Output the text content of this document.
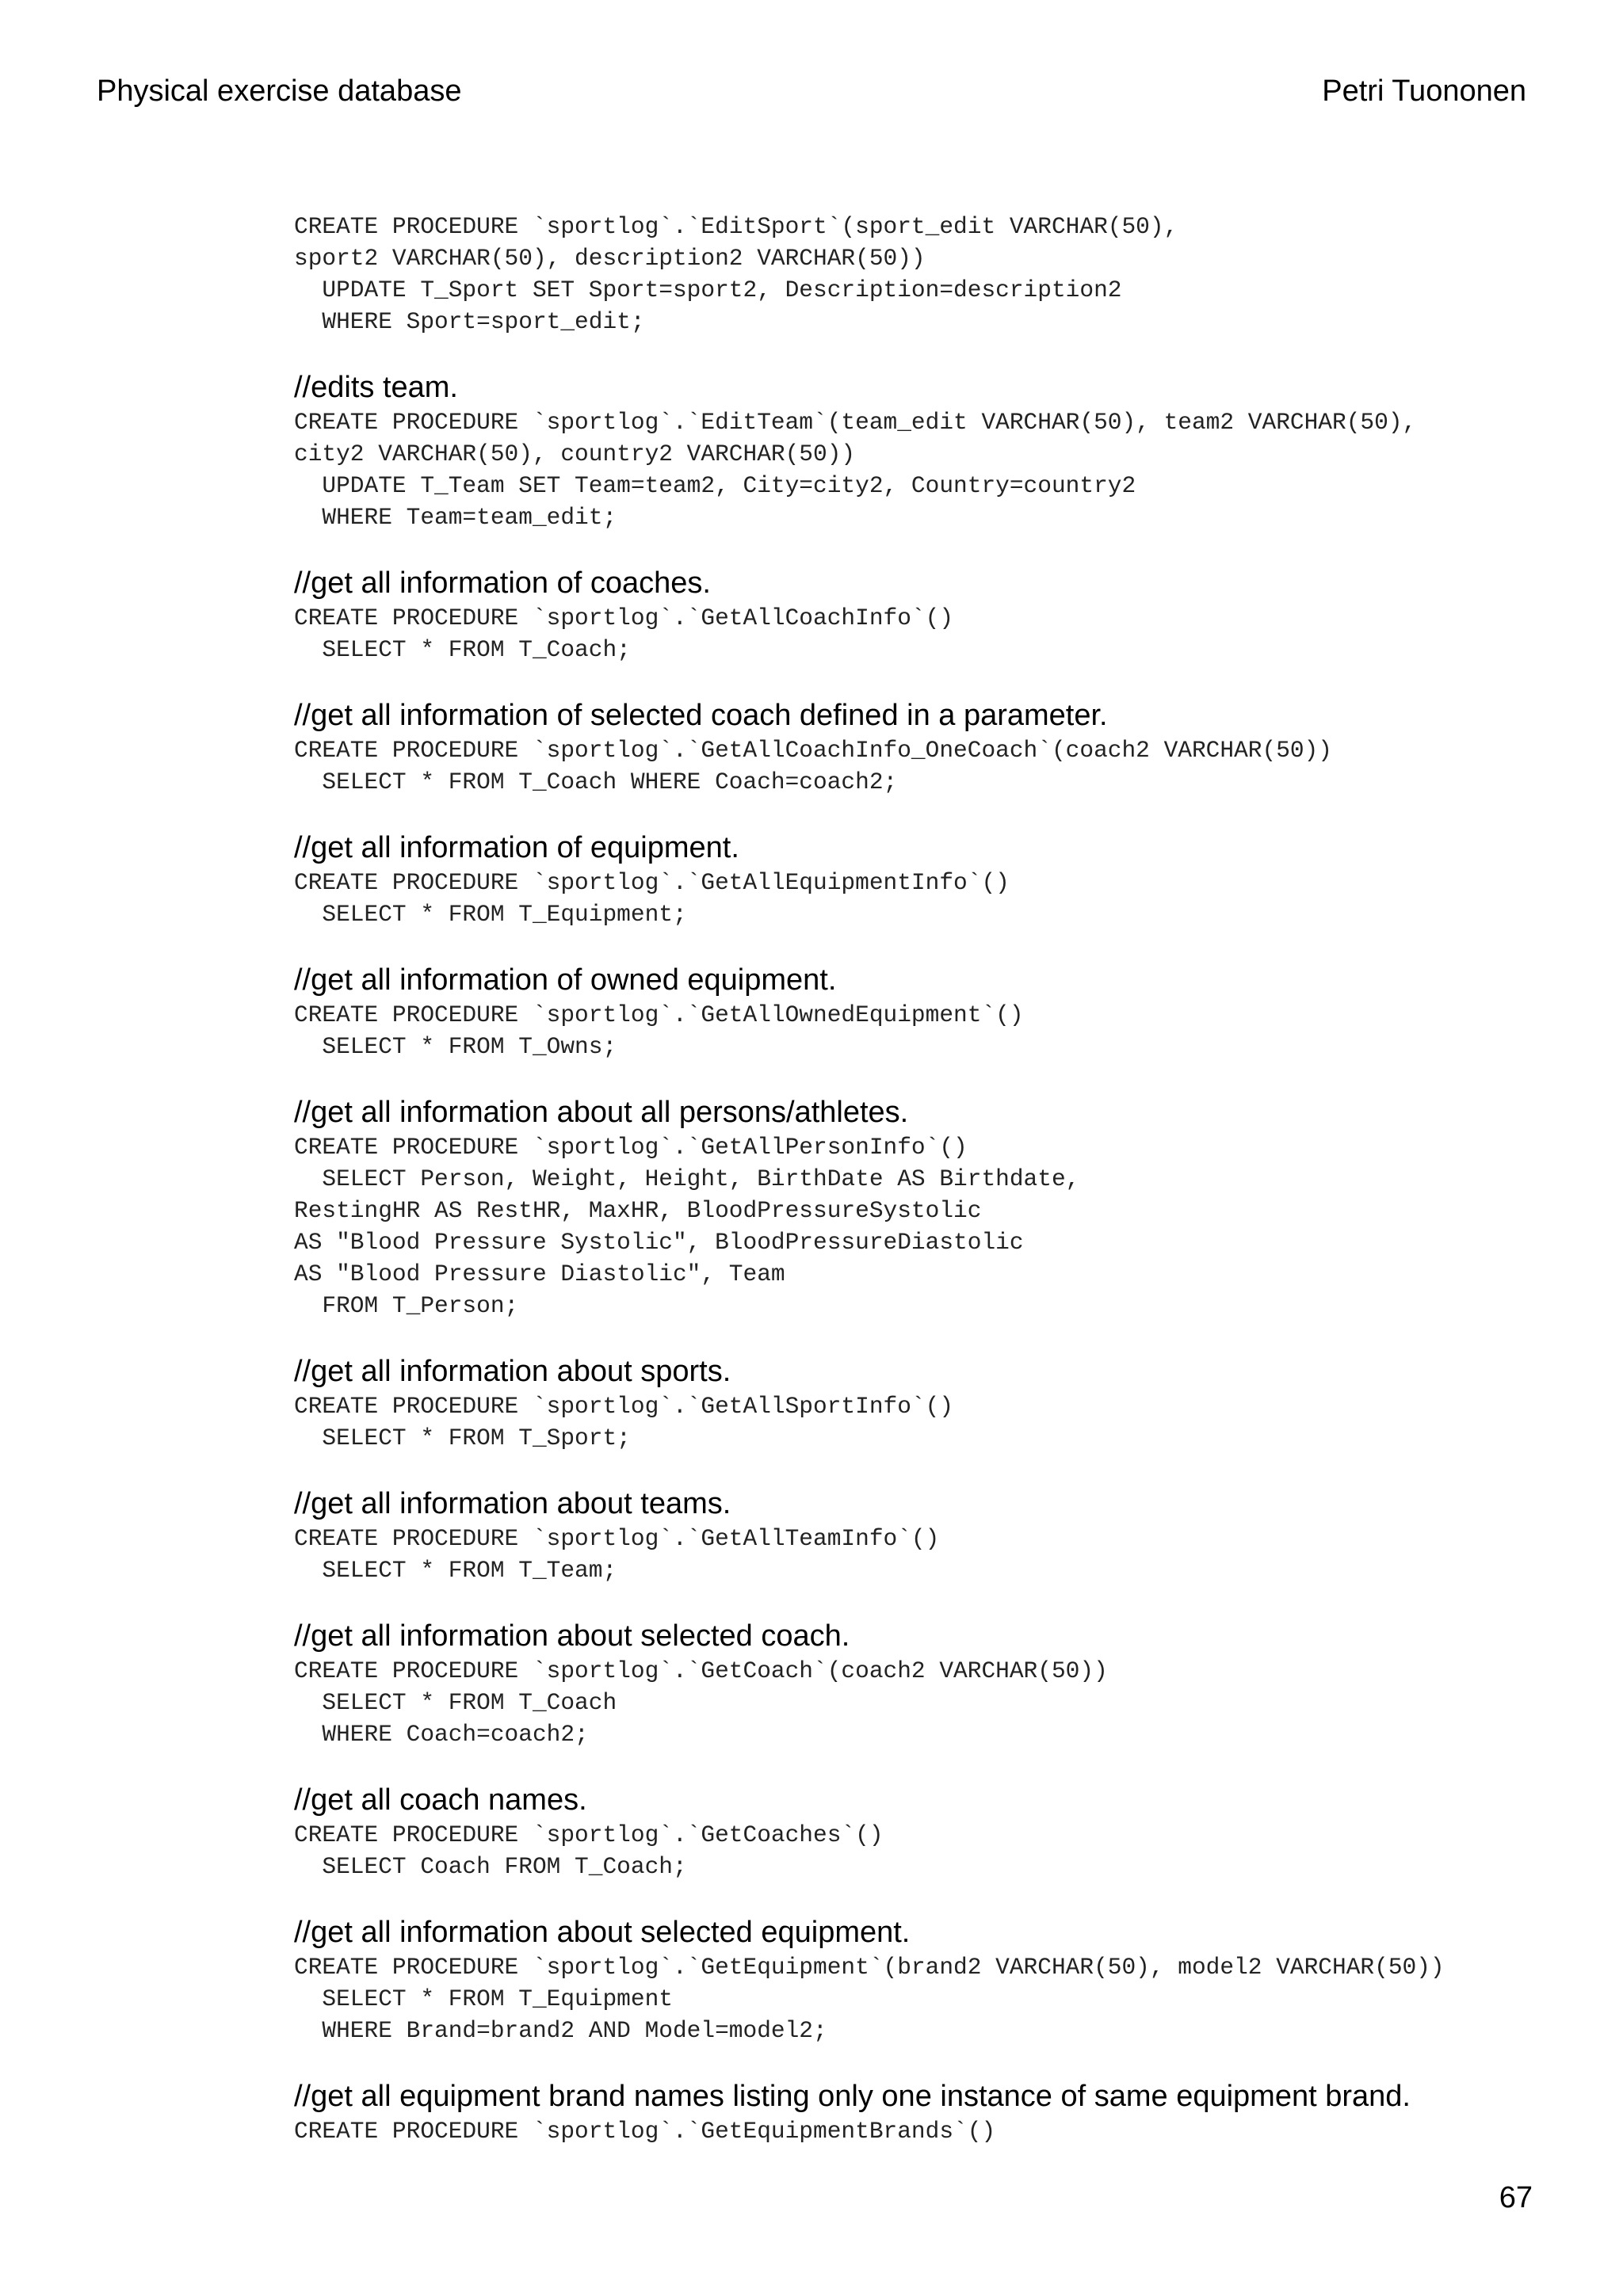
Physical exercise database	Petri Tuononen
CREATE PROCEDURE `sportlog`.`EditSport`(sport_edit VARCHAR(50),
sport2 VARCHAR(50), description2 VARCHAR(50))
UPDATE T_Sport SET Sport=sport2, Description=description2
WHERE Sport=sport_edit;
//edits team.
CREATE PROCEDURE `sportlog`.`EditTeam`(team_edit VARCHAR(50), team2 VARCHAR(50),
city2 VARCHAR(50), country2 VARCHAR(50))
UPDATE T_Team SET Team=team2, City=city2, Country=country2
WHERE Team=team_edit;
//get all information of coaches.
CREATE PROCEDURE `sportlog`.`GetAllCoachInfo`()
SELECT * FROM T_Coach;
//get all information of selected coach defined in a parameter.
CREATE PROCEDURE `sportlog`.`GetAllCoachInfo_OneCoach`(coach2 VARCHAR(50))
SELECT * FROM T_Coach WHERE Coach=coach2;
//get all information of equipment.
CREATE PROCEDURE `sportlog`.`GetAllEquipmentInfo`()
SELECT * FROM T_Equipment;
//get all information of owned equipment.
CREATE PROCEDURE `sportlog`.`GetAllOwnedEquipment`()
SELECT * FROM T_Owns;
//get all information about all persons/athletes.
CREATE PROCEDURE `sportlog`.`GetAllPersonInfo`()
SELECT Person, Weight, Height, BirthDate AS Birthdate,
RestingHR AS RestHR, MaxHR, BloodPressureSystolic
AS "Blood Pressure Systolic", BloodPressureDiastolic
AS "Blood Pressure Diastolic", Team
FROM T_Person;
//get all information about sports.
CREATE PROCEDURE `sportlog`.`GetAllSportInfo`()
SELECT * FROM T_Sport;
//get all information about teams.
CREATE PROCEDURE `sportlog`.`GetAllTeamInfo`()
SELECT * FROM T_Team;
//get all information about selected coach.
CREATE PROCEDURE `sportlog`.`GetCoach`(coach2 VARCHAR(50))
SELECT * FROM T_Coach
WHERE Coach=coach2;
//get all coach names.
CREATE PROCEDURE `sportlog`.`GetCoaches`()
SELECT Coach FROM T_Coach;
//get all information about selected equipment.
CREATE PROCEDURE `sportlog`.`GetEquipment`(brand2 VARCHAR(50), model2 VARCHAR(50))
SELECT * FROM T_Equipment
WHERE Brand=brand2 AND Model=model2;
//get all equipment brand names listing only one instance of same equipment brand.
CREATE PROCEDURE `sportlog`.`GetEquipmentBrands`()
67
